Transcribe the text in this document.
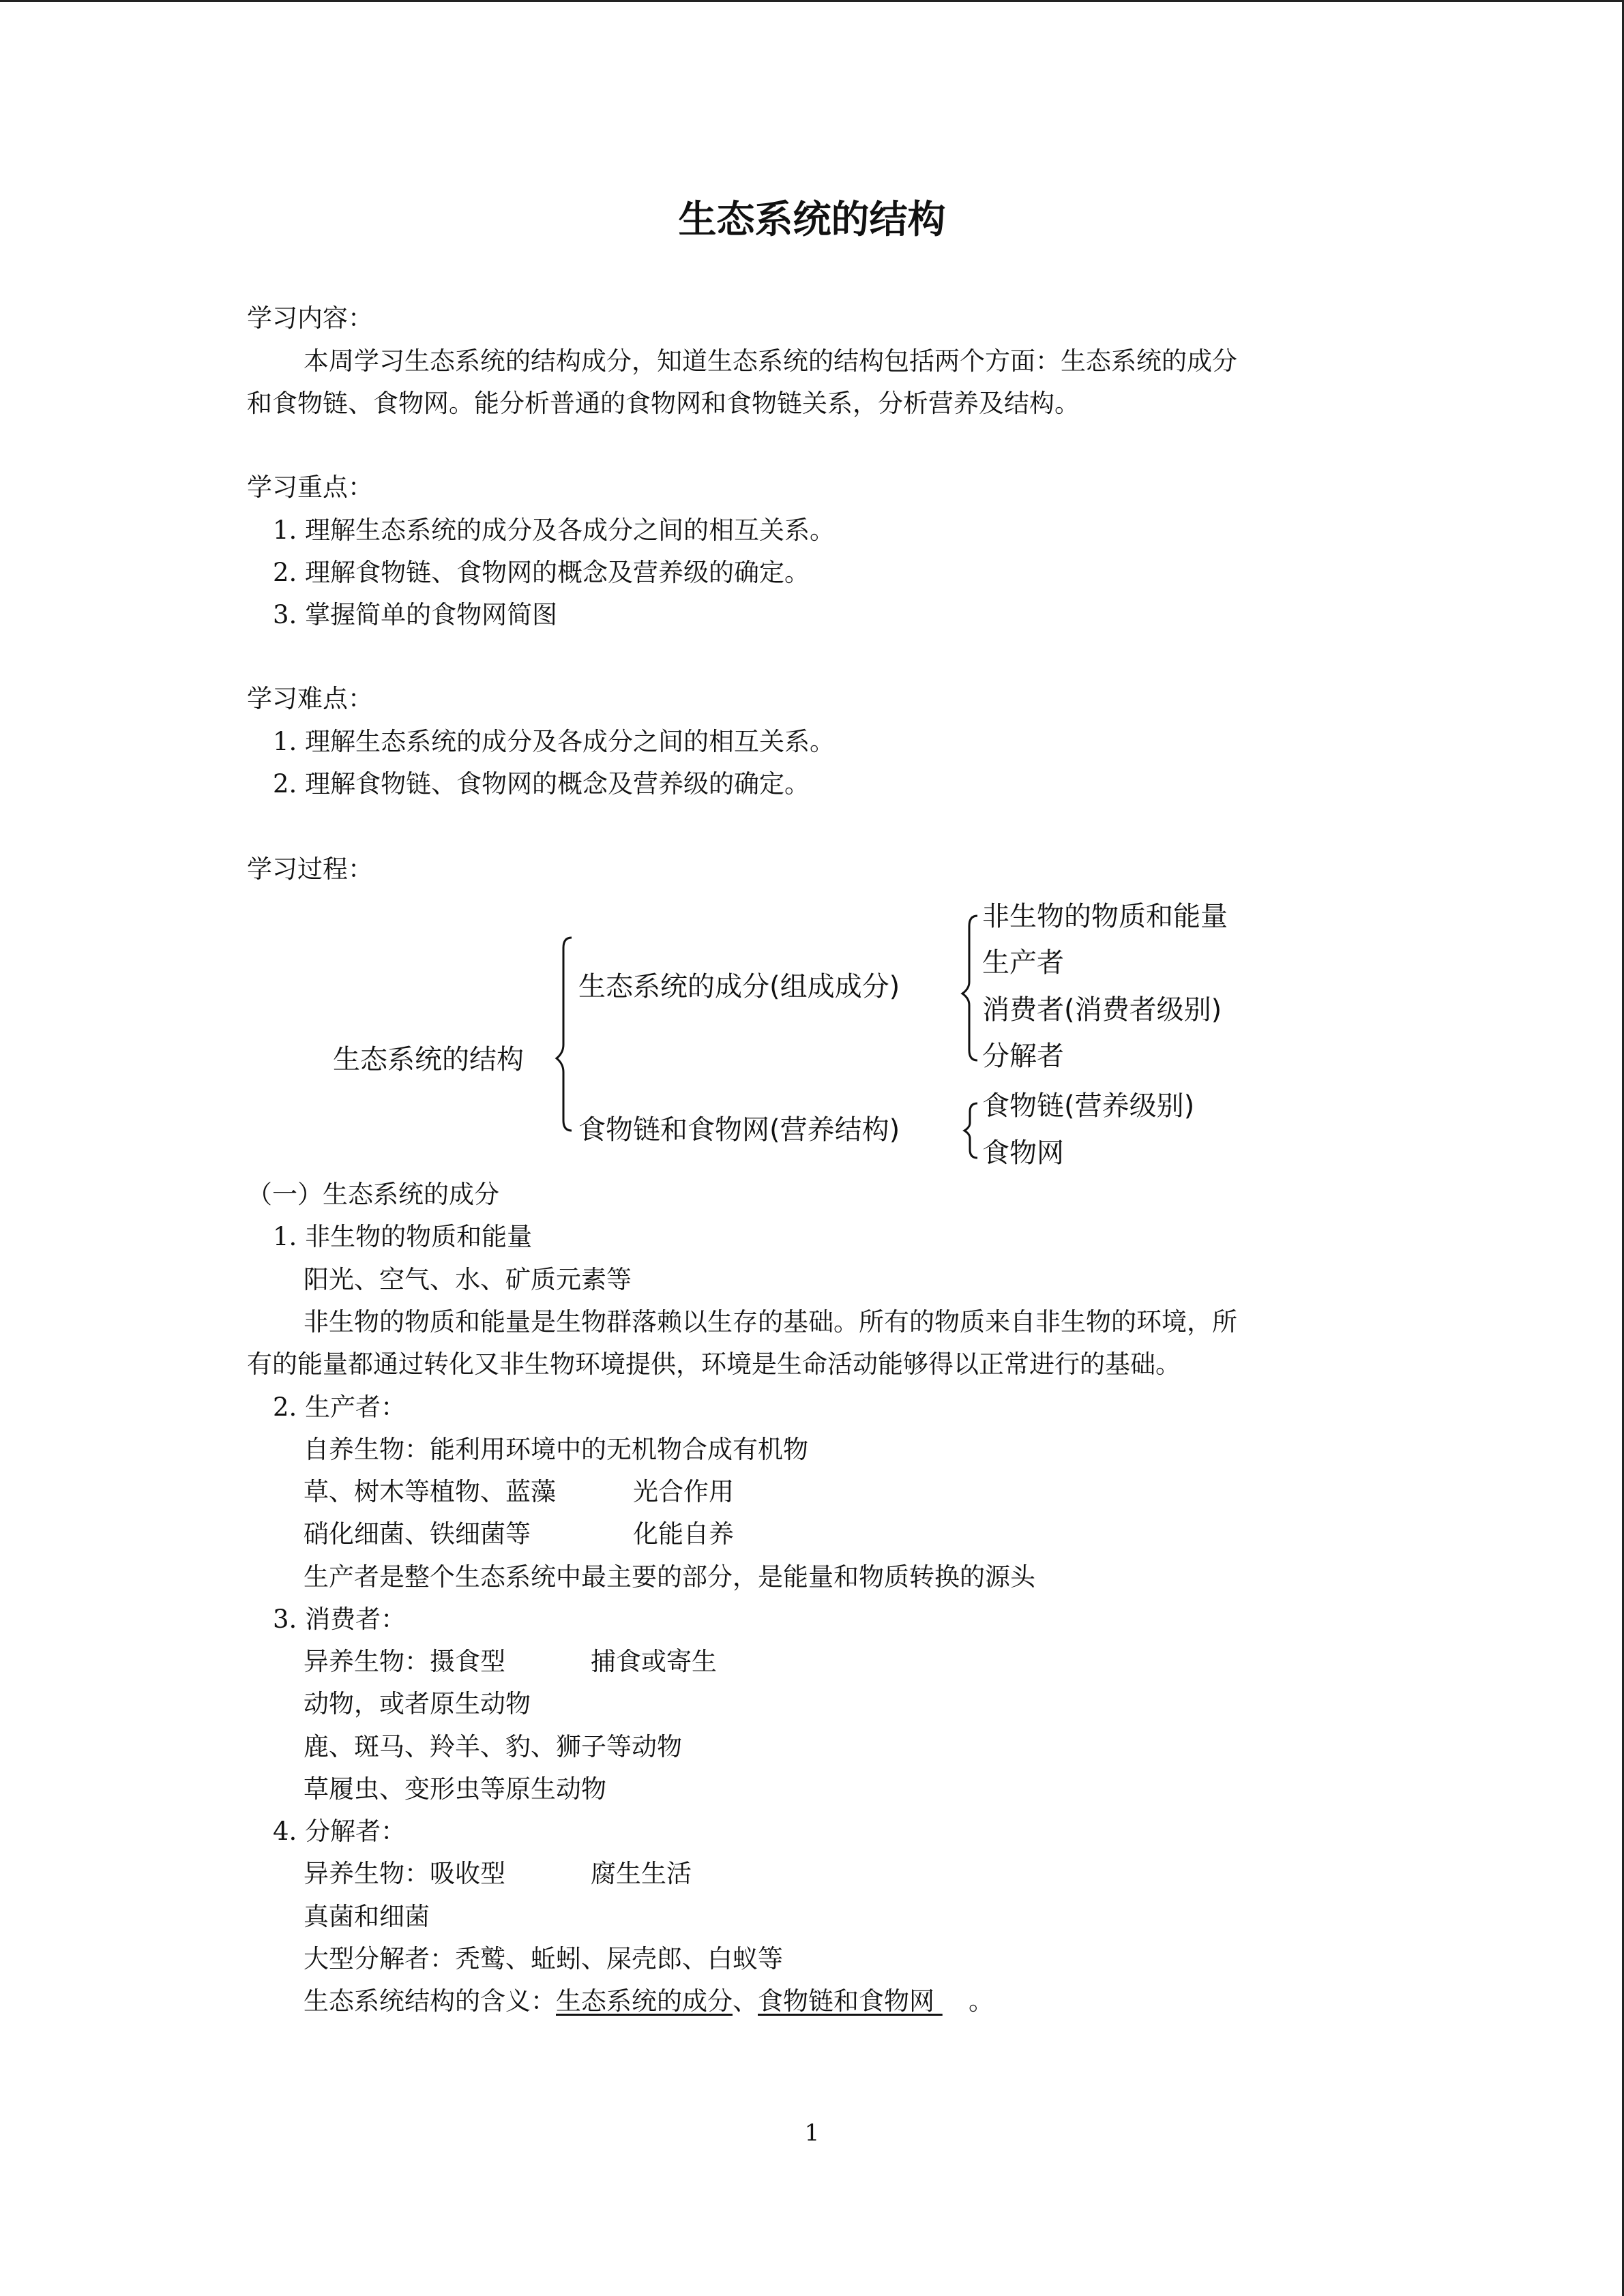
生态系统的结构
学习内容：
本周学习生态系统的结构成分，知道生态系统的结构包括两个方面：生态系统的成分
和食物链、食物网。能分析普通的食物网和食物链关系，分析营养及结构。
学习重点：
1. 理解生态系统的成分及各成分之间的相互关系。
2. 理解食物链、食物网的概念及营养级的确定。
3. 掌握简单的食物网简图
学习难点：
1. 理解生态系统的成分及各成分之间的相互关系。
2. 理解食物链、食物网的概念及营养级的确定。
学习过程：
生态系统的结构
生态系统的成分(组成成分)
食物链和食物网(营养结构)
非生物的物质和能量
生产者
消费者(消费者级别)
分解者
食物链(营养级别)
食物网
（一）生态系统的成分
1. 非生物的物质和能量
阳光、空气、水、矿质元素等
非生物的物质和能量是生物群落赖以生存的基础。所有的物质来自非生物的环境，所
有的能量都通过转化又非生物环境提供，环境是生命活动能够得以正常进行的基础。
2. 生产者：
自养生物：能利用环境中的无机物合成有机物
草、树木等植物、蓝藻	光合作用
硝化细菌、铁细菌等	化能自养
生产者是整个生态系统中最主要的部分，是能量和物质转换的源头
3. 消费者：
异养生物：摄食型	捕食或寄生
动物，或者原生动物
鹿、斑马、羚羊、豹、狮子等动物
草履虫、变形虫等原生动物
4. 分解者：
异养生物：吸收型	腐生生活
真菌和细菌
大型分解者：秃鹫、蚯蚓、屎壳郎、白蚁等
生态系统结构的含义：生态系统的成分、食物链和食物网 。
1
